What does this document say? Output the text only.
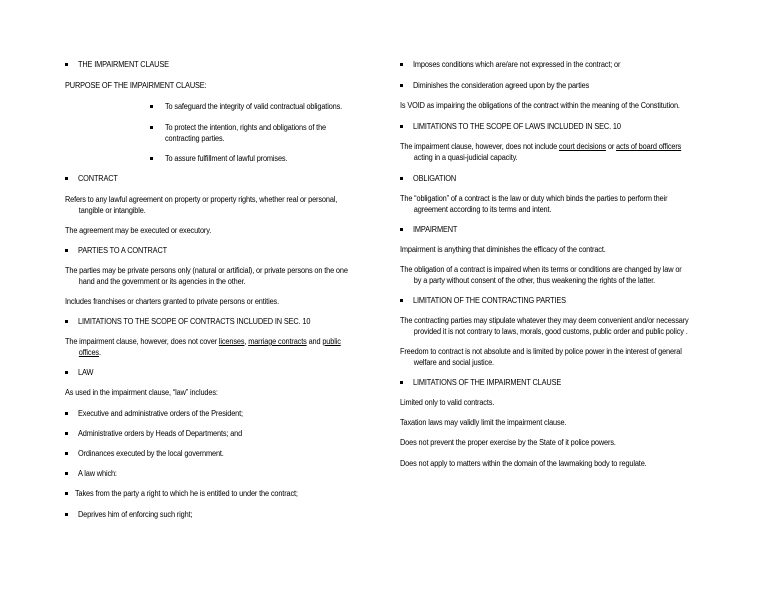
THE IMPAIRMENT CLAUSE
PURPOSE OF THE IMPAIRMENT CLAUSE:
To safeguard the integrity of valid contractual obligations.
To protect the intention, rights and obligations of the
contracting parties.
To assure fulfillment of lawful promises.
CONTRACT
Refers to any lawful agreement on property or property rights, whether real or personal,
tangible or intangible.
The agreement may be executed or executory.
PARTIES TO A CONTRACT
The parties may be private persons only (natural or artificial), or private persons on the one
hand and the government or its agencies in the other.
Includes franchises or charters granted to private persons or entities.
LIMITATIONS TO THE SCOPE OF CONTRACTS INCLUDED IN SEC. 10
The impairment clause, however, does not cover licenses, marriage contracts and public
offices.
LAW
As used in the impairment clause, “law” includes:
Executive and administrative orders of the President;
Administrative orders by Heads of Departments; and
Ordinances executed by the local government.
A law which:
Takes from the party a right to which he is entitled to under the contract;
Deprives him of enforcing such right;
Imposes conditions which are/are not expressed in the contract; or
Diminishes the consideration agreed upon by the parties
Is VOID as impairing the obligations of the contract within the meaning of the Constitution.
LIMITATIONS TO THE SCOPE OF LAWS INCLUDED IN SEC. 10
The impairment clause, however, does not include court decisions or acts of board officers
acting in a quasi-judicial capacity.
OBLIGATION
The “obligation” of a contract is the law or duty which binds the parties to perform their
agreement according to its terms and intent.
IMPAIRMENT
Impairment is anything that diminishes the efficacy of the contract.
The obligation of a contract is impaired when its terms or conditions are changed by law or
by a party without consent of the other, thus weakening the rights of the latter.
LIMITATION OF THE CONTRACTING PARTIES
The contracting parties may stipulate whatever they may deem convenient and/or necessary
provided it is not contrary to laws, morals, good customs, public order and public policy .
Freedom to contract is not absolute and is limited by police power in the interest of general
welfare and social justice.
LIMITATIONS OF THE IMPAIRMENT CLAUSE
Limited only to valid contracts.
Taxation laws may validly limit the impairment clause.
Does not prevent the proper exercise by the State of it police powers.
Does not apply to matters within the domain of the lawmaking body to regulate.
